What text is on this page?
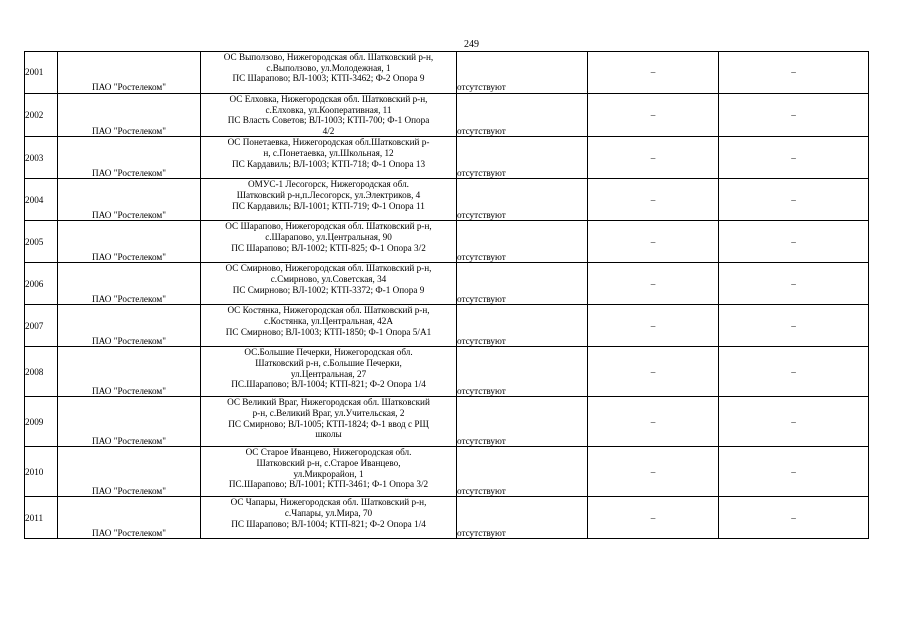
249
2001	ПАО "Ростелеком"	ОС Выползово, Нижегородская обл. Шатковский р-н,
с.Выползово, ул.Молодежная, 1
ПС Шарапово; ВЛ-1003; КТП-3462; Ф-2 Опора 9	отсутствуют	–	–
2002	ПАО "Ростелеком"	ОС Елховка, Нижегородская обл. Шатковский р-н,
с.Елховка, ул.Кооперативная, 11
ПС Власть Советов; ВЛ-1003; КТП-700; Ф-1 Опора
4/2	отсутствуют	–	–
2003	ПАО "Ростелеком"	ОС Понетаевка, Нижегородская обл.Шатковский р-
н, с.Понетаевка, ул.Школьная, 12
ПС Кардавиль; ВЛ-1003; КТП-718; Ф-1 Опора 13	отсутствуют	–	–
2004	ПАО "Ростелеком"	ОМУС-1 Лесогорск, Нижегородская обл.
Шатковский р-н,п.Лесогорск, ул.Электриков, 4
ПС Кардавиль; ВЛ-1001; КТП-719; Ф-1 Опора 11	отсутствуют	–	–
2005	ПАО "Ростелеком"	ОС Шарапово, Нижегородская обл. Шатковский р-н,
с.Шарапово, ул.Центральная, 90
ПС Шарапово; ВЛ-1002; КТП-825; Ф-1 Опора 3/2	отсутствуют	–	–
2006	ПАО "Ростелеком"	ОС Смирново, Нижегородская обл. Шатковский р-н,
с.Смирново, ул.Советская, 34
ПС Смирново; ВЛ-1002; КТП-3372; Ф-1 Опора 9	отсутствуют	–	–
2007	ПАО "Ростелеком"	ОС Костянка, Нижегородская обл. Шатковский р-н,
с.Костянка, ул.Центральная, 42А
ПС Смирново; ВЛ-1003; КТП-1850; Ф-1 Опора 5/А1	отсутствуют	–	–
2008	ПАО "Ростелеком"	ОС.Большие Печерки, Нижегородская обл.
Шатковский р-н, с.Большие Печерки,
ул.Центральная, 27
ПС.Шарапово; ВЛ-1004; КТП-821; Ф-2 Опора 1/4	отсутствуют	–	–
2009	ПАО "Ростелеком"	ОС Великий Враг, Нижегородская обл. Шатковский
р-н, с.Великий Враг, ул.Учительская, 2
ПС Смирново; ВЛ-1005; КТП-1824; Ф-1 ввод с РЩ
школы	отсутствуют	–	–
2010	ПАО "Ростелеком"	ОС Старое Иванцево, Нижегородская обл.
Шатковский р-н, с.Старое Иванцево,
ул.Микрорайон, 1
ПС.Шарапово; ВЛ-1001; КТП-3461; Ф-1 Опора 3/2	отсутствуют	–	–
2011	ПАО "Ростелеком"	ОС Чапары, Нижегородская обл. Шатковский р-н,
с.Чапары, ул.Мира, 70
ПС Шарапово; ВЛ-1004; КТП-821; Ф-2 Опора 1/4	отсутствуют	–	–
